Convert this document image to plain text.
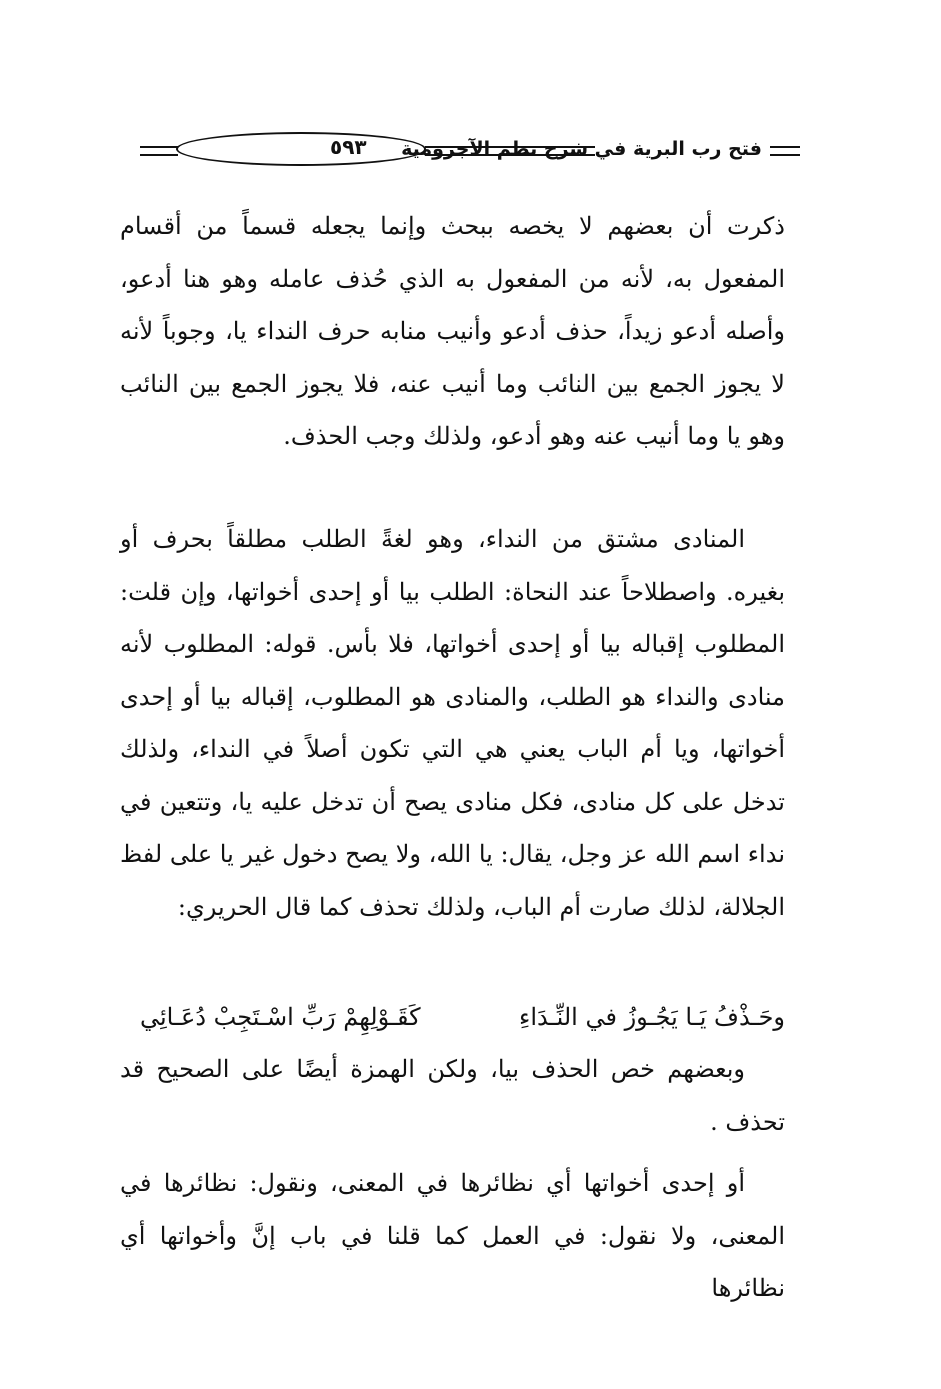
فتح رب البرية في شرح نظم الآجرومية
٥٩٣
ذكرت أن بعضهم لا يخصه ببحث وإنما يجعله قسماً من أقسام المفعول به، لأنه من المفعول به الذي حُذف عامله وهو هنا أدعو، وأصله أدعو زيداً، حذف أدعو وأنيب منابه حرف النداء يا، وجوباً لأنه لا يجوز الجمع بين النائب وما أنيب عنه، فلا يجوز الجمع بين النائب وهو يا وما أنيب عنه وهو أدعو، ولذلك وجب الحذف.
المنادى مشتق من النداء، وهو لغةً الطلب مطلقاً بحرف أو بغيره. واصطلاحاً عند النحاة: الطلب بيا أو إحدى أخواتها، وإن قلت: المطلوب إقباله بيا أو إحدى أخواتها، فلا بأس. قوله: المطلوب لأنه منادى والنداء هو الطلب، والمنادى هو المطلوب، إقباله بيا أو إحدى أخواتها، ويا أم الباب يعني هي التي تكون أصلاً في النداء، ولذلك تدخل على كل منادى، فكل منادى يصح أن تدخل عليه يا، وتتعين في نداء اسم الله عز وجل، يقال: يا الله، ولا يصح دخول غير يا على لفظ الجلالة، لذلك صارت أم الباب، ولذلك تحذف كما قال الحريري:
وحَـذْفُ يَـا يَجُـوزُ في النِّـدَاءِ
كَقَـوْلِهِمْ رَبِّ اسْـتَجِبْ دُعَـائِي
وبعضهم خص الحذف بيا، ولكن الهمزة أيضًا على الصحيح قد تحذف .
أو إحدى أخواتها أي نظائرها في المعنى، ونقول: نظائرها في المعنى، ولا نقول: في العمل كما قلنا في باب إنَّ وأخواتها أي نظائرها
